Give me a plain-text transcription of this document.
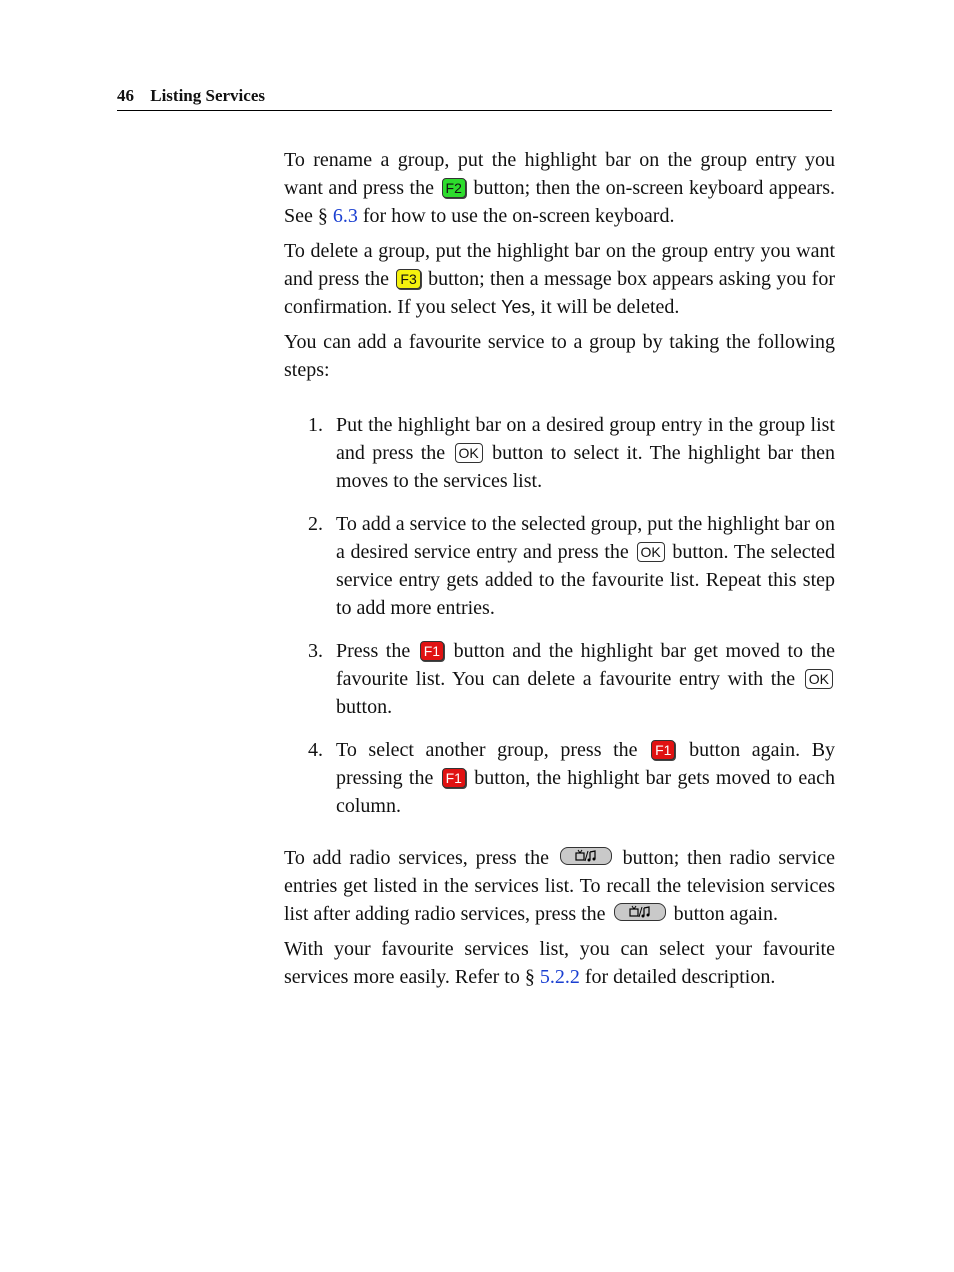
46 Listing Services

To rename a group, put the highlight bar on the group entry you want and press the F2 button; then the on-screen keyboard appears. See § 6.3 for how to use the on-screen keyboard.

To delete a group, put the highlight bar on the group entry you want and press the F3 button; then a message box appears asking you for confirmation. If you select Yes, it will be deleted.

You can add a favourite service to a group by taking the following steps:

1. Put the highlight bar on a desired group entry in the group list and press the OK button to select it. The highlight bar then moves to the services list.
2. To add a service to the selected group, put the highlight bar on a desired service entry and press the OK button. The selected service entry gets added to the favourite list. Repeat this step to add more entries.
3. Press the F1 button and the highlight bar get moved to the favourite list. You can delete a favourite entry with the OK button.
4. To select another group, press the F1 button again. By pressing the F1 button, the highlight bar gets moved to each column.

To add radio services, press the	button; then radio service entries get listed in the services list. To recall the television services list after adding radio services, press the	button again.

With your favourite services list, you can select your favourite services more easily. Refer to § 5.2.2 for detailed description.
